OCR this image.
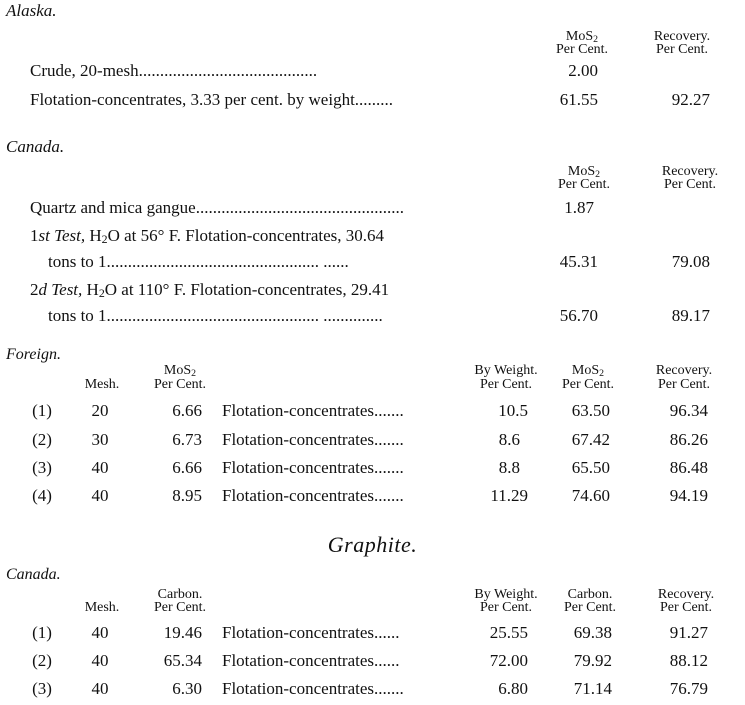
Alaska.
MoS$_2$
Per Cent.
Recovery.
Per Cent.
Crude, 20-mesh..........................................	2.00
Flotation-concentrates, 3.33 per cent. by weight.........	61.55	92.27
Canada.
MoS$_2$
Per Cent.
Recovery.
Per Cent.
Quartz and mica gangue.................................................	1.87
1st Test, $H_2O$ at 56° F. Flotation-concentrates, 30.64
tons to 1.................................................. ......	45.31	79.08
2d Test, $H_2O$ at 110° F. Flotation-concentrates, 29.41
tons to 1.................................................. ..............	56.70	89.17
Foreign.
MoS$_2$
Mesh.	Per Cent.
By Weight.
Per Cent.
MoS$_2$
Per Cent.
Recovery.
Per Cent.
(1)	20	6.66 Flotation-concentrates.......	10.5	63.50	96.34
(2)	30	6.73 Flotation-concentrates.......	8.6	67.42	86.26
(3)	40	6.66 Flotation-concentrates.......	8.8	65.50	86.48
(4)	40	8.95 Flotation-concentrates.......	11.29	74.60	94.19
Graphite.
Canada.
Carbon.
Mesh.	Per Cent.
By Weight.
Per Cent.
Carbon.
Per Cent.
Recovery.
Per Cent.
(1)	40	19.46 Flotation-concentrates......	25.55	69.38	91.27
(2)	40	65.34 Flotation-concentrates......	72.00	79.92	88.12
(3)	40	6.30 Flotation-concentrates.......	6.80	71.14	76.79
